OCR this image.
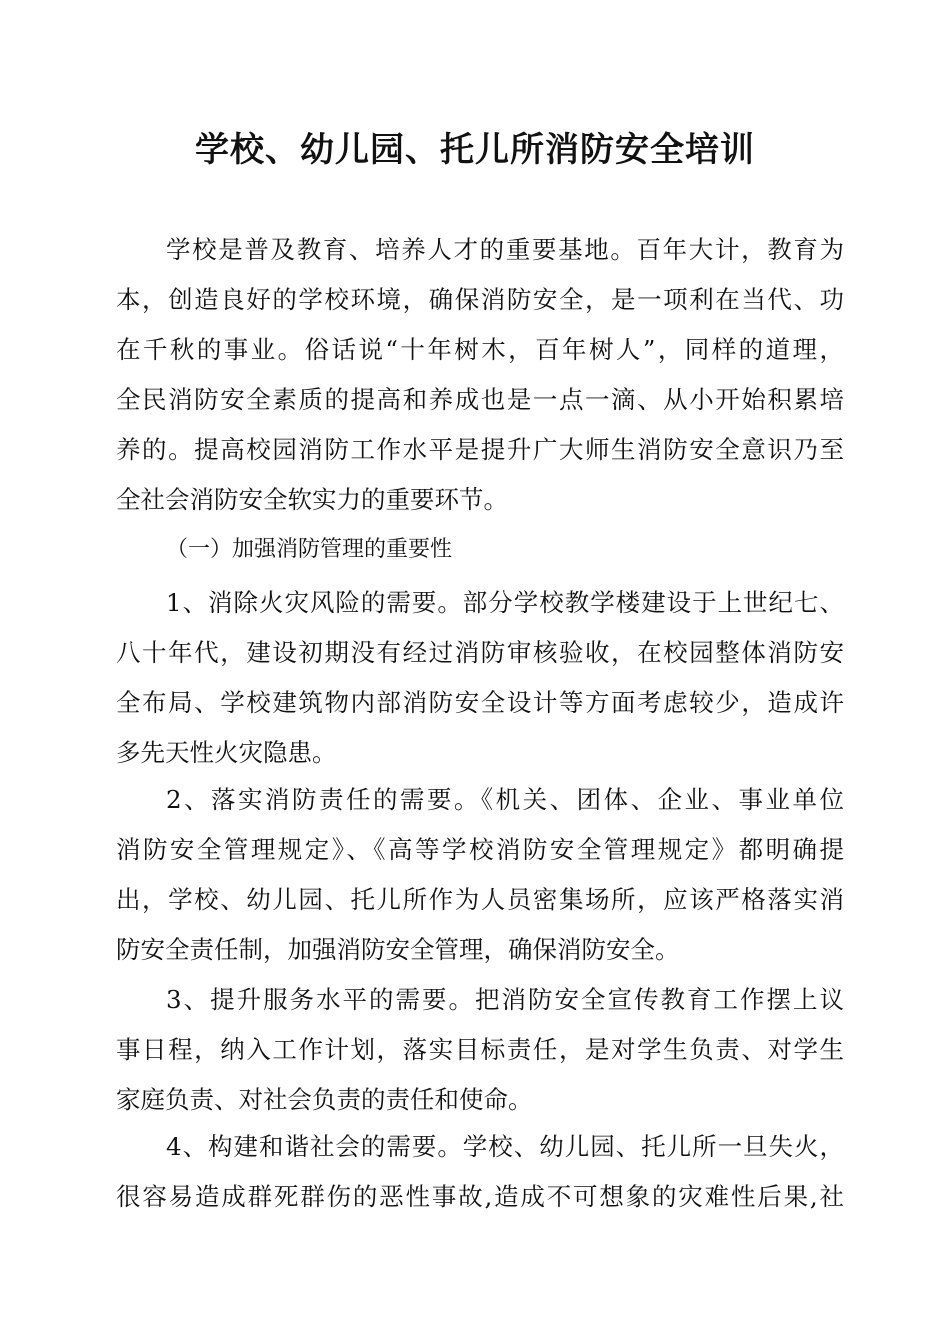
学校、幼儿园、托儿所消防安全培训
学校是普及教育、培养人才的重要基地。百年大计，教育为
本，创造良好的学校环境，确保消防安全，是一项利在当代、功
在千秋的事业。俗话说“十年树木，百年树人”，同样的道理，
全民消防安全素质的提高和养成也是一点一滴、从小开始积累培
养的。提高校园消防工作水平是提升广大师生消防安全意识乃至
全社会消防安全软实力的重要环节。
（一）加强消防管理的重要性
1、消除火灾风险的需要。部分学校教学楼建设于上世纪七、
八十年代，建设初期没有经过消防审核验收，在校园整体消防安
全布局、学校建筑物内部消防安全设计等方面考虑较少，造成许
多先天性火灾隐患。
2、落实消防责任的需要。《机关、团体、企业、事业单位
消防安全管理规定》、《高等学校消防安全管理规定》都明确提
出，学校、幼儿园、托儿所作为人员密集场所，应该严格落实消
防安全责任制，加强消防安全管理，确保消防安全。
3、提升服务水平的需要。把消防安全宣传教育工作摆上议
事日程，纳入工作计划，落实目标责任，是对学生负责、对学生
家庭负责、对社会负责的责任和使命。
4、构建和谐社会的需要。学校、幼儿园、托儿所一旦失火，
很容易造成群死群伤的恶性事故,造成不可想象的灾难性后果,社
